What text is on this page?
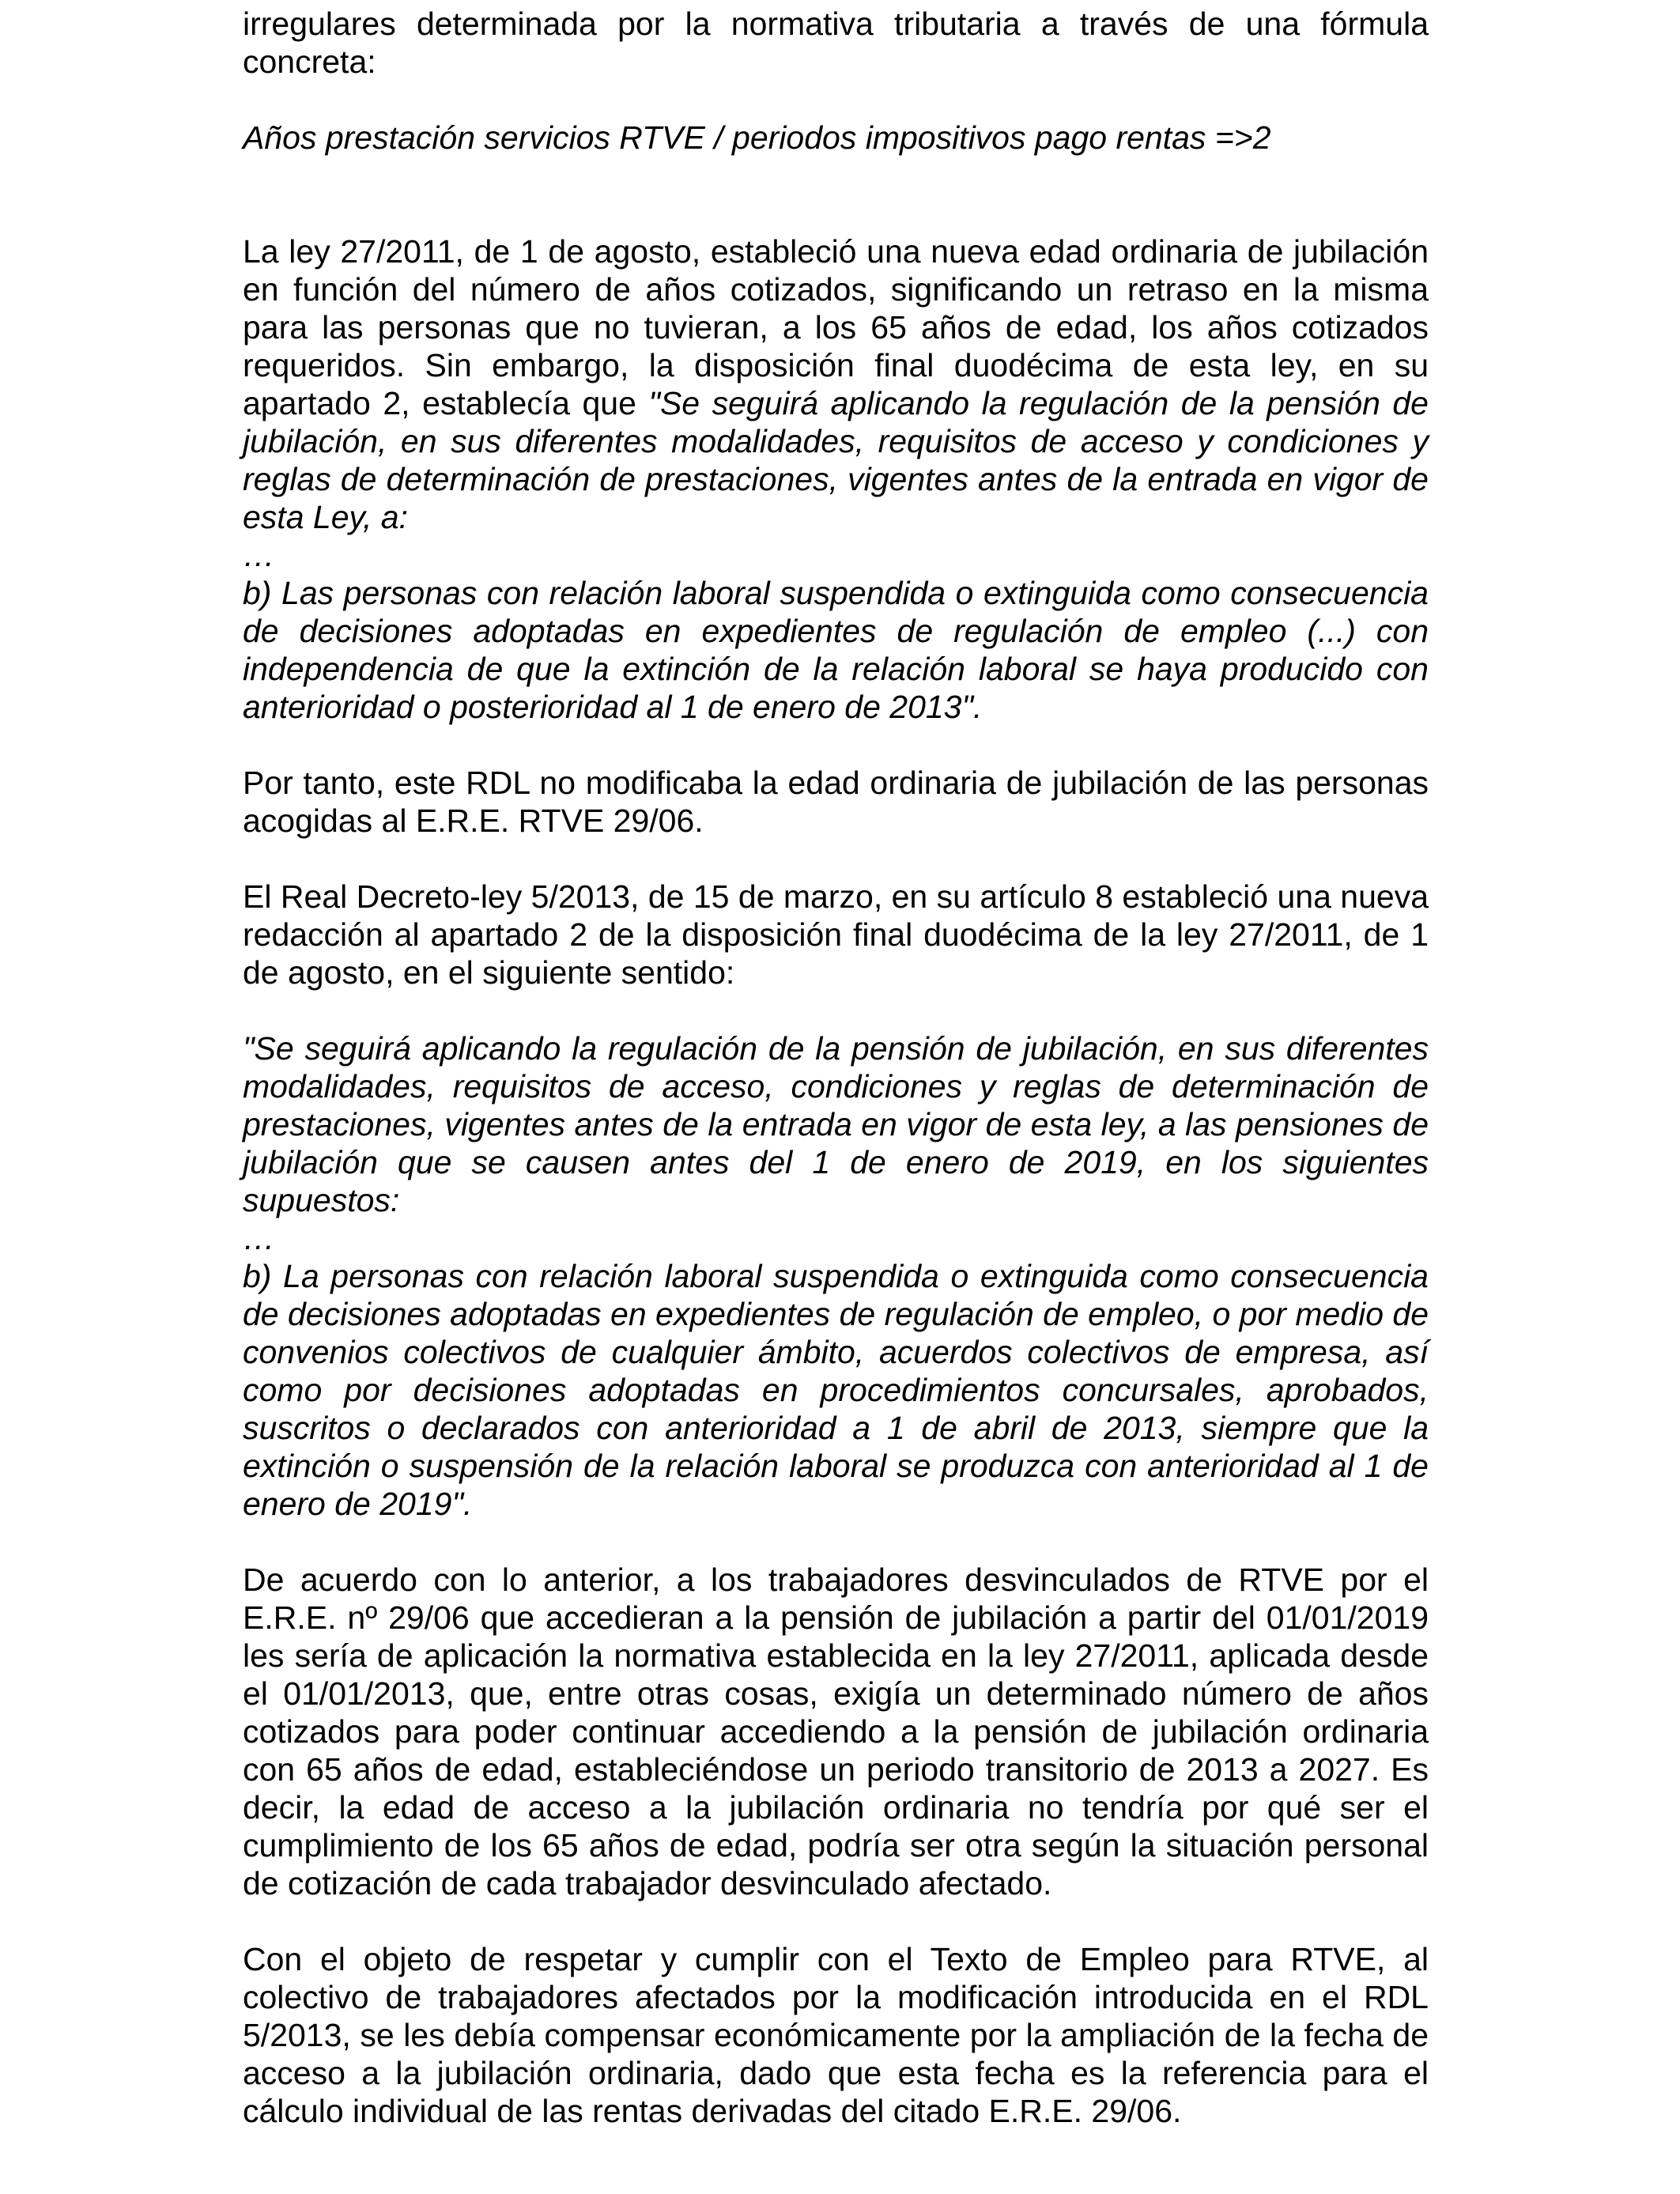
irregulares determinada por la normativa tributaria a través de una fórmula concreta:

Años prestación servicios RTVE / periodos impositivos pago rentas =>2

La ley 27/2011, de 1 de agosto, estableció una nueva edad ordinaria de jubilación en función del número de años cotizados, significando un retraso en la misma para las personas que no tuvieran, a los 65 años de edad, los años cotizados requeridos. Sin embargo, la disposición final duodécima de esta ley, en su apartado 2, establecía que "Se seguirá aplicando la regulación de la pensión de jubilación, en sus diferentes modalidades, requisitos de acceso y condiciones y reglas de determinación de prestaciones, vigentes antes de la entrada en vigor de esta Ley, a:

…

b) Las personas con relación laboral suspendida o extinguida como consecuencia de decisiones adoptadas en expedientes de regulación de empleo (...) con independencia de que la extinción de la relación laboral se haya producido con anterioridad o posterioridad al 1 de enero de 2013".

Por tanto, este RDL no modificaba la edad ordinaria de jubilación de las personas acogidas al E.R.E. RTVE 29/06.

El Real Decreto-ley 5/2013, de 15 de marzo, en su artículo 8 estableció una nueva redacción al apartado 2 de la disposición final duodécima de la ley 27/2011, de 1 de agosto, en el siguiente sentido:

"Se seguirá aplicando la regulación de la pensión de jubilación, en sus diferentes modalidades, requisitos de acceso, condiciones y reglas de determinación de prestaciones, vigentes antes de la entrada en vigor de esta ley, a las pensiones de jubilación que se causen antes del 1 de enero de 2019, en los siguientes supuestos:

…

b) La personas con relación laboral suspendida o extinguida como consecuencia de decisiones adoptadas en expedientes de regulación de empleo, o por medio de convenios colectivos de cualquier ámbito, acuerdos colectivos de empresa, así como por decisiones adoptadas en procedimientos concursales, aprobados, suscritos o declarados con anterioridad a 1 de abril de 2013, siempre que la extinción o suspensión de la relación laboral se produzca con anterioridad al 1 de enero de 2019".

De acuerdo con lo anterior, a los trabajadores desvinculados de RTVE por el E.R.E. nº 29/06 que accedieran a la pensión de jubilación a partir del 01/01/2019 les sería de aplicación la normativa establecida en la ley 27/2011, aplicada desde el 01/01/2013, que, entre otras cosas, exigía un determinado número de años cotizados para poder continuar accediendo a la pensión de jubilación ordinaria con 65 años de edad, estableciéndose un periodo transitorio de 2013 a 2027. Es decir, la edad de acceso a la jubilación ordinaria no tendría por qué ser el cumplimiento de los 65 años de edad, podría ser otra según la situación personal de cotización de cada trabajador desvinculado afectado.

Con el objeto de respetar y cumplir con el Texto de Empleo para RTVE, al colectivo de trabajadores afectados por la modificación introducida en el RDL 5/2013, se les debía compensar económicamente por la ampliación de la fecha de acceso a la jubilación ordinaria, dado que esta fecha es la referencia para el cálculo individual de las rentas derivadas del citado E.R.E. 29/06.
